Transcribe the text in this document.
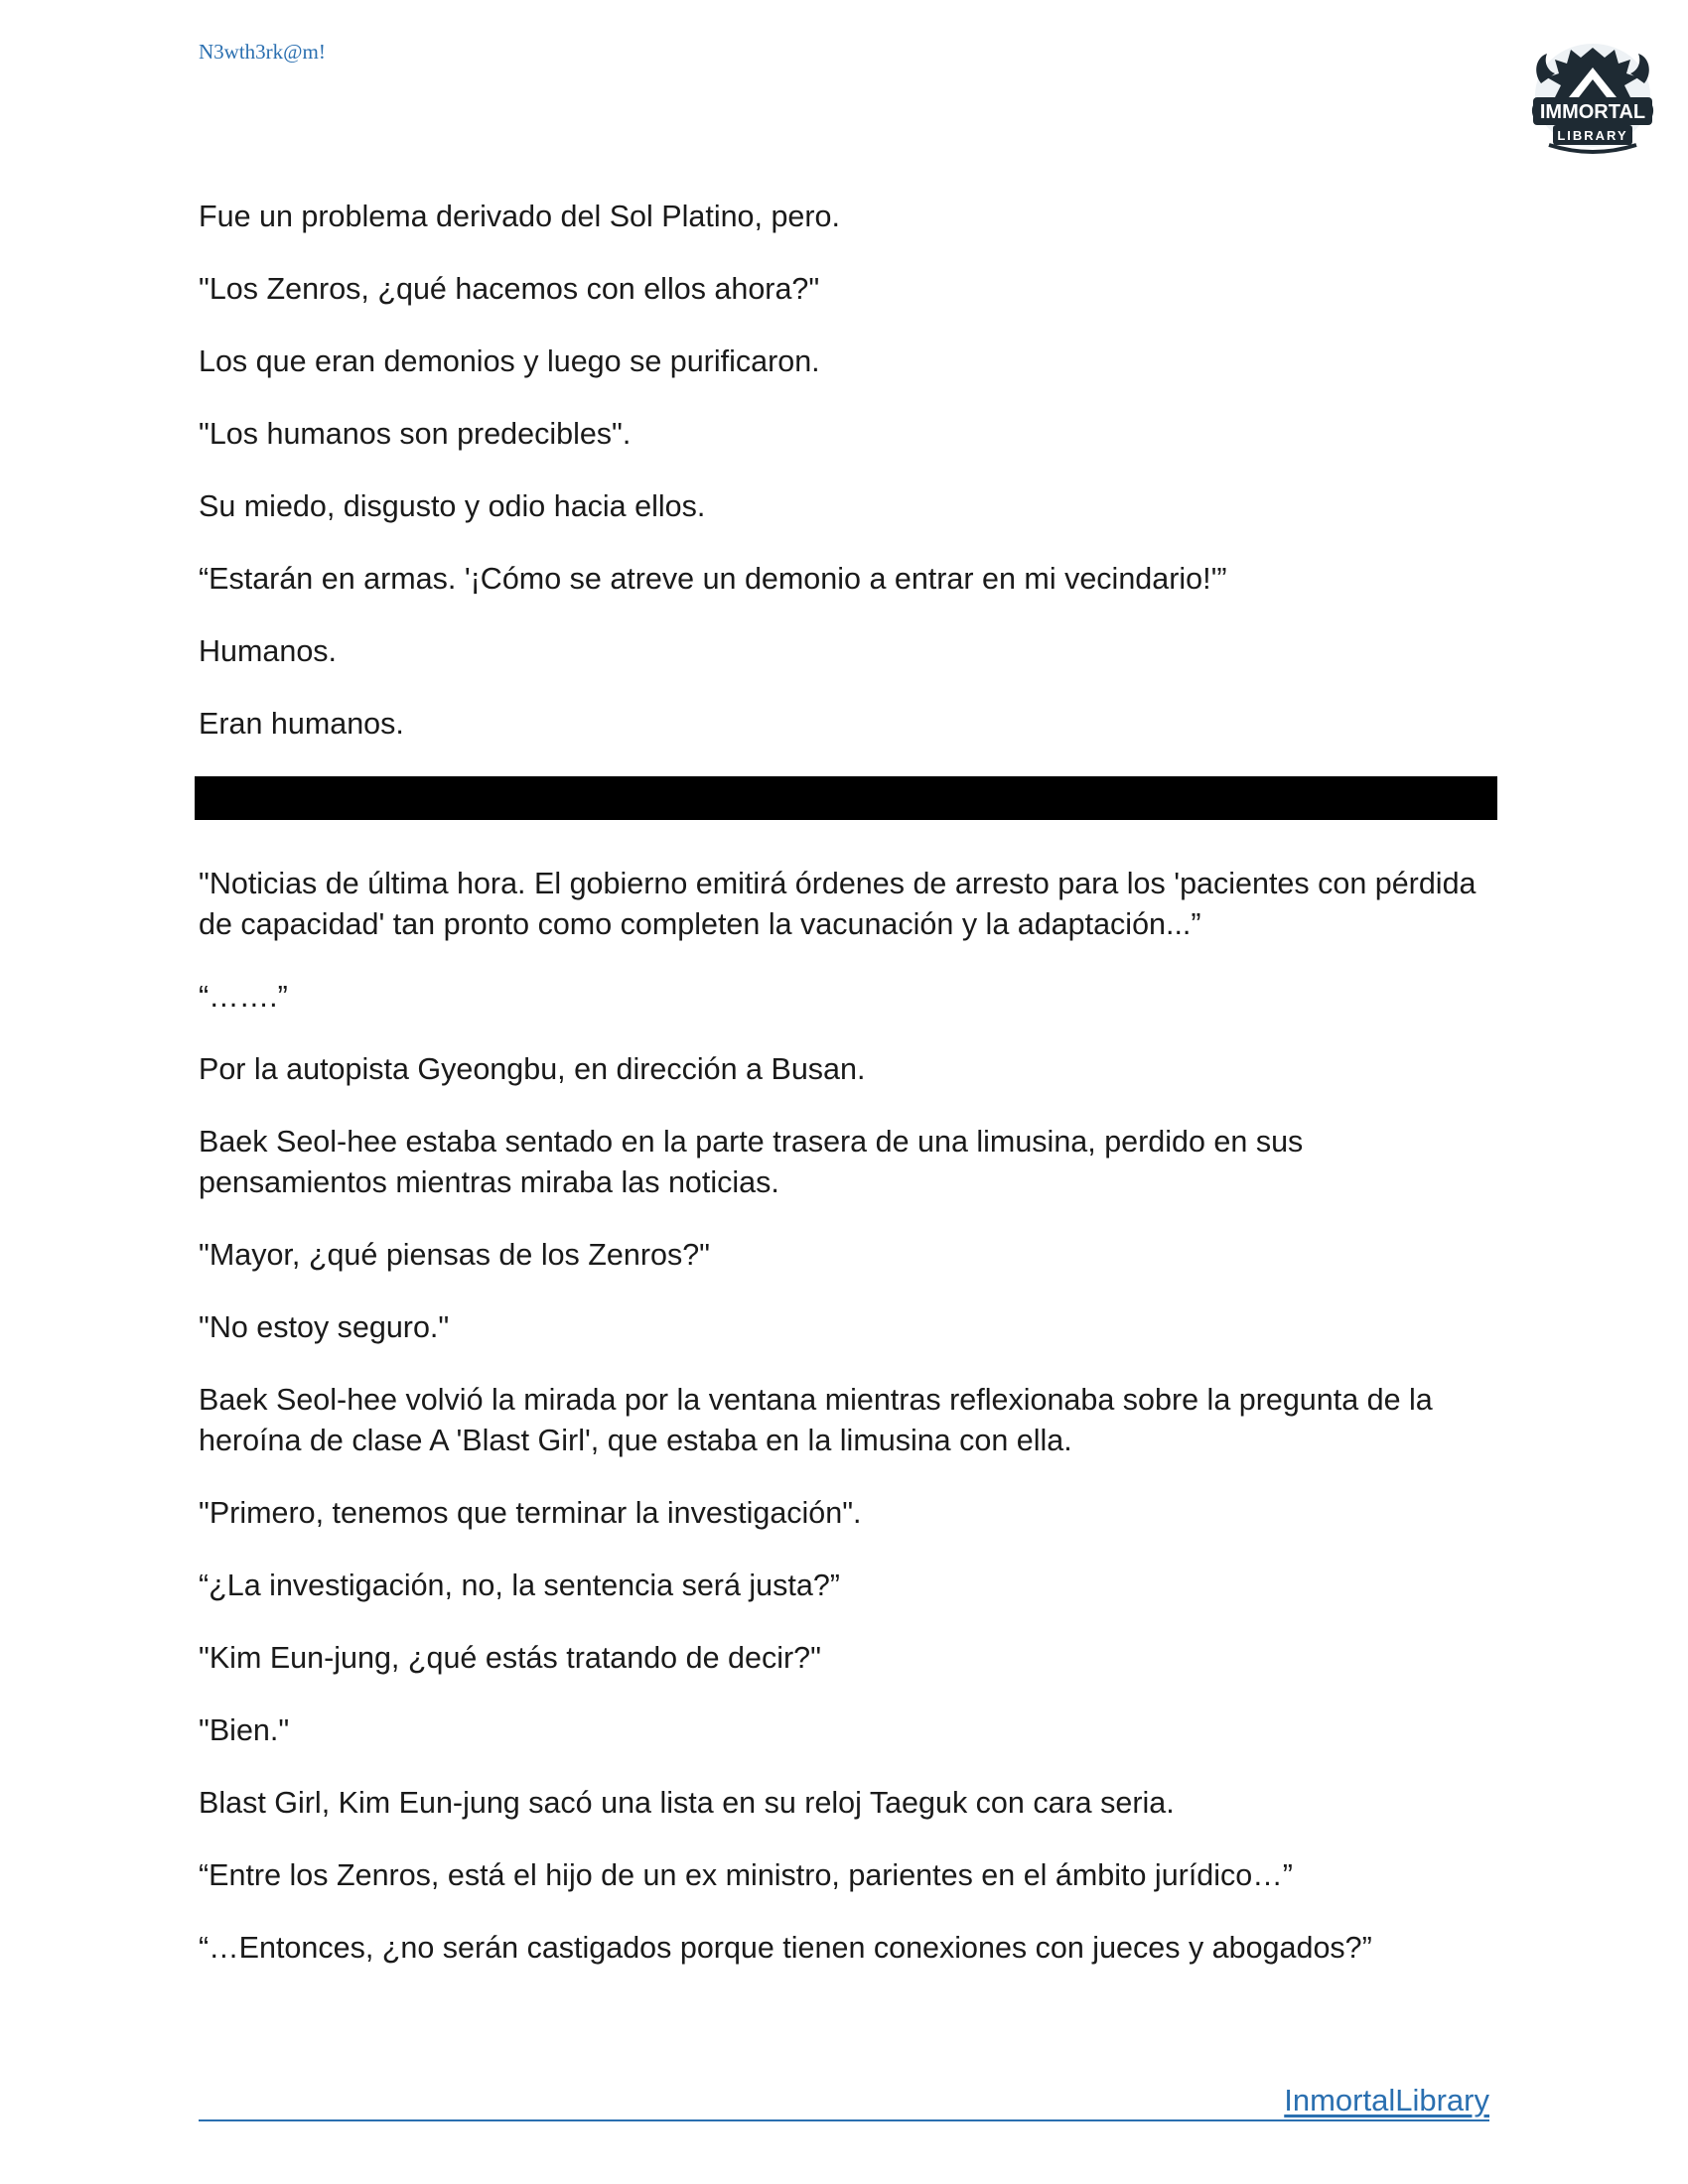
N3wth3rk@m!
IMMORTAL
LIBRARY

Fue un problema derivado del Sol Platino, pero.

"Los Zenros, ¿qué hacemos con ellos ahora?"

Los que eran demonios y luego se purificaron.

"Los humanos son predecibles".

Su miedo, disgusto y odio hacia ellos.

“Estarán en armas. '¡Cómo se atreve un demonio a entrar en mi vecindario!'”

Humanos.

Eran humanos.

"Noticias de última hora. El gobierno emitirá órdenes de arresto para los 'pacientes con pérdida de capacidad' tan pronto como completen la vacunación y la adaptación...”

“…….”

Por la autopista Gyeongbu, en dirección a Busan.

Baek Seol-hee estaba sentado en la parte trasera de una limusina, perdido en sus pensamientos mientras miraba las noticias.

"Mayor, ¿qué piensas de los Zenros?"

"No estoy seguro."

Baek Seol-hee volvió la mirada por la ventana mientras reflexionaba sobre la pregunta de la heroína de clase A 'Blast Girl', que estaba en la limusina con ella.

"Primero, tenemos que terminar la investigación".

“¿La investigación, no, la sentencia será justa?”

"Kim Eun-jung, ¿qué estás tratando de decir?"

"Bien."

Blast Girl, Kim Eun-jung sacó una lista en su reloj Taeguk con cara seria.

“Entre los Zenros, está el hijo de un ex ministro, parientes en el ámbito jurídico…”

“…Entonces, ¿no serán castigados porque tienen conexiones con jueces y abogados?”

InmortalLibrary
